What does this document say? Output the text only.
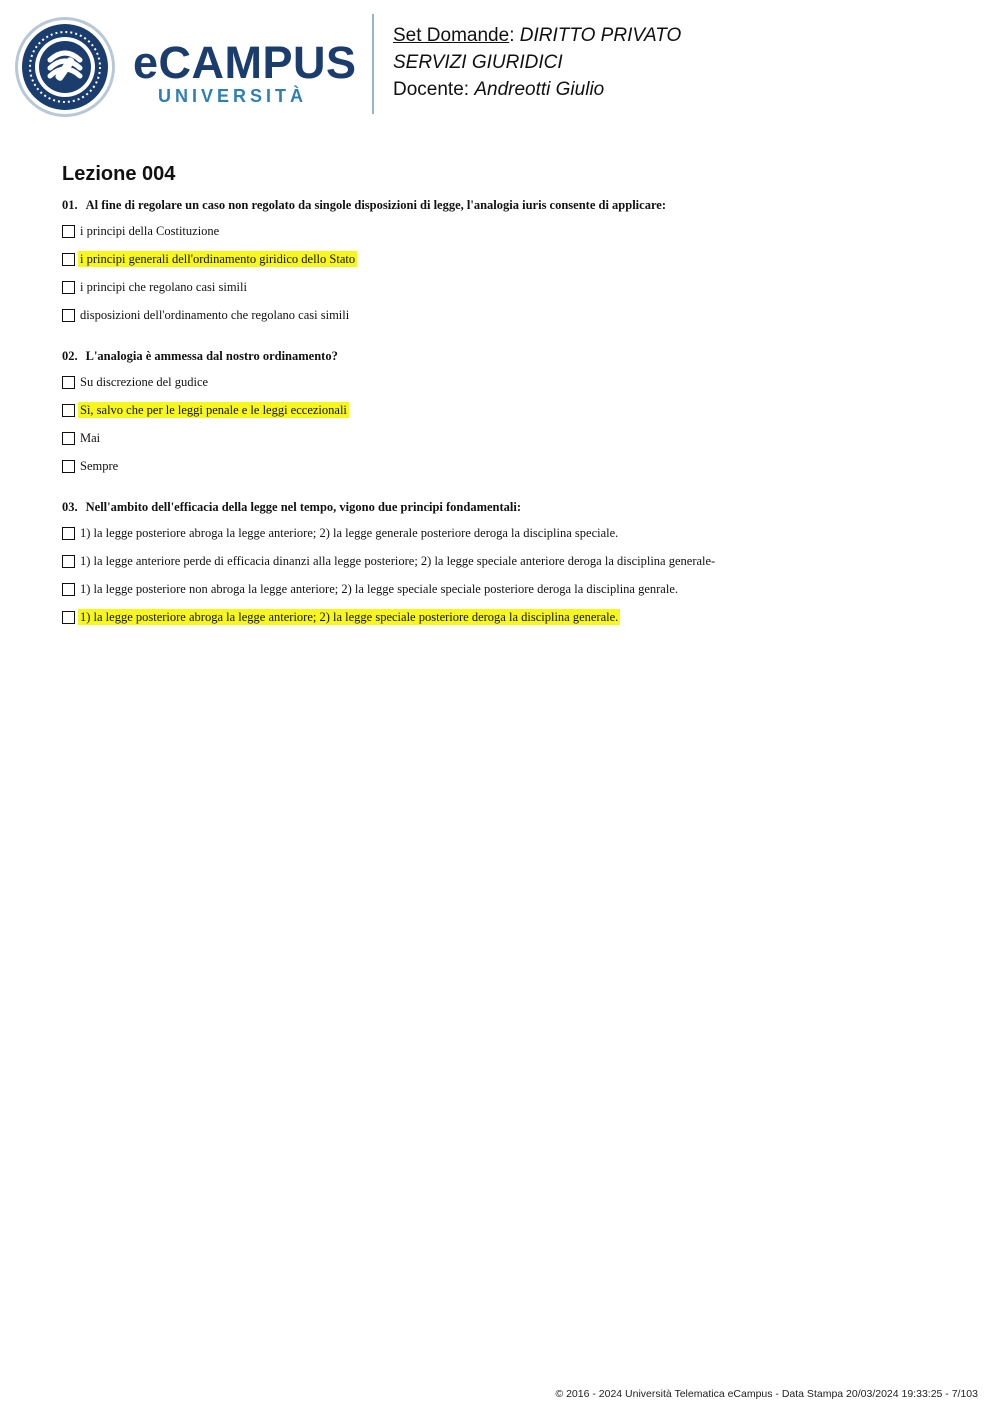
eCAMPUS
UNIVERSITÀ
Set Domande: DIRITTO PRIVATO
SERVIZI GIURIDICI
Docente: Andreotti Giulio
Lezione 004

01. Al fine di regolare un caso non regolato da singole disposizioni di legge, l'analogia iuris consente di applicare:

i principi della Costituzione
i principi generali dell'ordinamento giridico dello Stato
i principi che regolano casi simili
disposizioni dell'ordinamento che regolano casi simili

02. L'analogia è ammessa dal nostro ordinamento?

Su discrezione del gudice
Sì, salvo che per le leggi penale e le leggi eccezionali
Mai
Sempre

03. Nell'ambito dell'efficacia della legge nel tempo, vigono due principi fondamentali:

1) la legge posteriore abroga la legge anteriore; 2) la legge generale posteriore deroga la disciplina speciale.
1) la legge anteriore perde di efficacia dinanzi alla legge posteriore; 2) la legge speciale anteriore deroga la disciplina generale-
1) la legge posteriore non abroga la legge anteriore; 2) la legge speciale speciale posteriore deroga la disciplina genrale.
1) la legge posteriore abroga la legge anteriore; 2) la legge speciale posteriore deroga la disciplina generale.
© 2016 - 2024 Università Telematica eCampus - Data Stampa 20/03/2024 19:33:25 - 7/103
